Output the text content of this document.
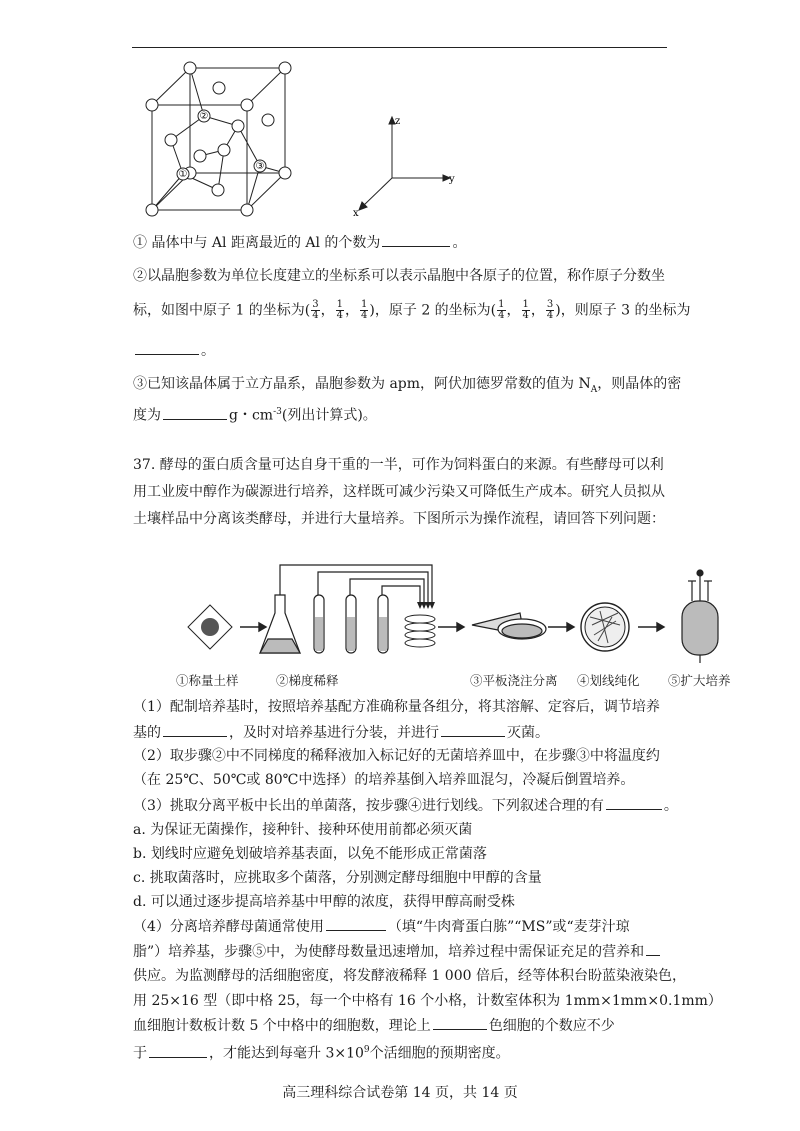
②
①
③
z
y
x
① 晶体中与 Al 距离最近的 Al 的个数为	。
②以晶胞参数为单位长度建立的坐标系可以表示晶胞中各原子的位置，称作原子分数坐
标，如图中原子 1 的坐标为( $\frac{3}{4}$ ， $\frac{1}{4}$ ， $\frac{1}{4}$ )，原子 2 的坐标为( $\frac{1}{4}$ ， $\frac{1}{4}$ ， $\frac{3}{4}$ )，则原子 3 的坐标为
。
③已知该晶体属于立方晶系，晶胞参数为 apm，阿伏加德罗常数的值为 $N_A$，则晶体的密
度为	g・$cm^{-3}$(列出计算式)。
37. 酵母的蛋白质含量可达自身干重的一半，可作为饲料蛋白的来源。有些酵母可以利
用工业废中醇作为碳源进行培养，这样既可减少污染又可降低生产成本。研究人员拟从
土壤样品中分离该类酵母，并进行大量培养。下图所示为操作流程，请回答下列问题：
①称量土样	②梯度稀释	③平板浇注分离 ④划线纯化 ⑤扩大培养
（1）配制培养基时，按照培养基配方准确称量各组分，将其溶解、定容后，调节培养
基的	，及时对培养基进行分装，并进行	灭菌。
（2）取步骤②中不同梯度的稀释液加入标记好的无菌培养皿中，在步骤③中将温度约
（在 25℃、50℃或 80℃中选择）的培养基倒入培养皿混匀，冷凝后倒置培养。
（3）挑取分离平板中长出的单菌落，按步骤④进行划线。下列叙述合理的有	。
a. 为保证无菌操作，接种针、接种环使用前都必须灭菌
b. 划线时应避免划破培养基表面，以免不能形成正常菌落
c. 挑取菌落时，应挑取多个菌落，分别测定酵母细胞中甲醇的含量
d. 可以通过逐步提高培养基中甲醇的浓度，获得甲醇高耐受株
（4）分离培养酵母菌通常使用	（填“牛肉膏蛋白胨”“MS”或“麦芽汁琼
脂”）培养基，步骤⑤中，为使酵母数量迅速增加，培养过程中需保证充足的营养和
供应。为监测酵母的活细胞密度，将发酵液稀释 1 000 倍后，经等体积台盼蓝染液染色，
用 25×16 型（即中格 25，每一个中格有 16 个小格，计数室体积为 1mm×1mm×0.1mm）
血细胞计数板计数 5 个中格中的细胞数，理论上	色细胞的个数应不少
于	，才能达到每毫升 $3\times 10^9$个活细胞的预期密度。
高三理科综合试卷第 14 页，共 14 页
